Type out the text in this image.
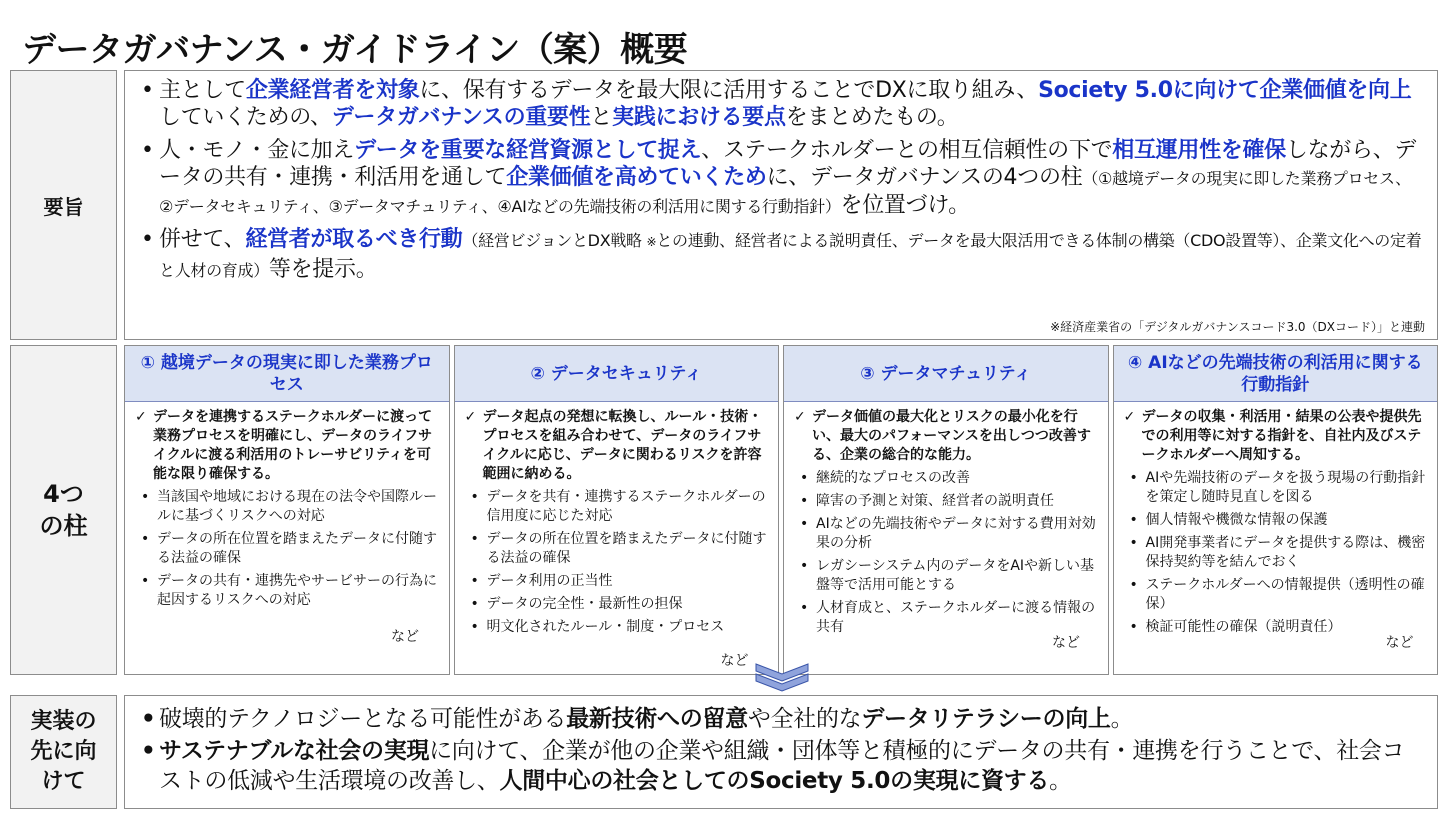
データガバナンス・ガイドライン（案）概要
要旨
• 主として企業経営者を対象に、保有するデータを最大限に活用することでDXに取り組み、Society 5.0に向けて企業価値を向上していくための、データガバナンスの重要性と実践における要点をまとめたもの。
• 人・モノ・金に加えデータを重要な経営資源として捉え、ステークホルダーとの相互信頼性の下で相互運用性を確保しながら、データの共有・連携・利活用を通して企業価値を高めていくために、データガバナンスの4つの柱（①越境データの現実に即した業務プロセス、②データセキュリティ、③データマチュリティ、④AIなどの先端技術の利活用に関する行動指針）を位置づけ。
• 併せて、経営者が取るべき行動（経営ビジョンとDX戦略 ※との連動、経営者による説明責任、データを最大限活用できる体制の構築（CDO設置等）、企業文化への定着と人材の育成）等を提示。
※経済産業省の「デジタルガバナンスコード3.0（DXコード）」と連動
4つの柱
① 越境データの現実に即した業務プロセス
✓ データを連携するステークホルダーに渡って業務プロセスを明確にし、データのライフサイクルに渡る利活用のトレーサビリティを可能な限り確保する。
• 当該国や地域における現在の法令や国際ルールに基づくリスクへの対応
• データの所在位置を踏まえたデータに付随する法益の確保
• データの共有・連携先やサービサーの行為に起因するリスクへの対応
など
② データセキュリティ
✓ データ起点の発想に転換し、ルール・技術・プロセスを組み合わせて、データのライフサイクルに応じ、データに関わるリスクを許容範囲に納める。
• データを共有・連携するステークホルダーの信用度に応じた対応
• データの所在位置を踏まえたデータに付随する法益の確保
• データ利用の正当性
• データの完全性・最新性の担保
• 明文化されたルール・制度・プロセス
など
③ データマチュリティ
✓ データ価値の最大化とリスクの最小化を行い、最大のパフォーマンスを出しつつ改善する、企業の総合的な能力。
• 継続的なプロセスの改善
• 障害の予測と対策、経営者の説明責任
• AIなどの先端技術やデータに対する費用対効果の分析
• レガシーシステム内のデータをAIや新しい基盤等で活用可能とする
• 人材育成と、ステークホルダーに渡る情報の共有
など
④ AIなどの先端技術の利活用に関する行動指針
✓ データの収集・利活用・結果の公表や提供先での利用等に対する指針を、自社内及びステークホルダーへ周知する。
• AIや先端技術のデータを扱う現場の行動指針を策定し随時見直しを図る
• 個人情報や機微な情報の保護
• AI開発事業者にデータを提供する際は、機密保持契約等を結んでおく
• ステークホルダーへの情報提供（透明性の確保）
• 検証可能性の確保（説明責任）
など
実装の先に向けて
• 破壊的テクノロジーとなる可能性がある最新技術への留意や全社的なデータリテラシーの向上。
• サステナブルな社会の実現に向けて、企業が他の企業や組織・団体等と積極的にデータの共有・連携を行うことで、社会コストの低減や生活環境の改善し、人間中心の社会としてのSociety 5.0の実現に資する。
